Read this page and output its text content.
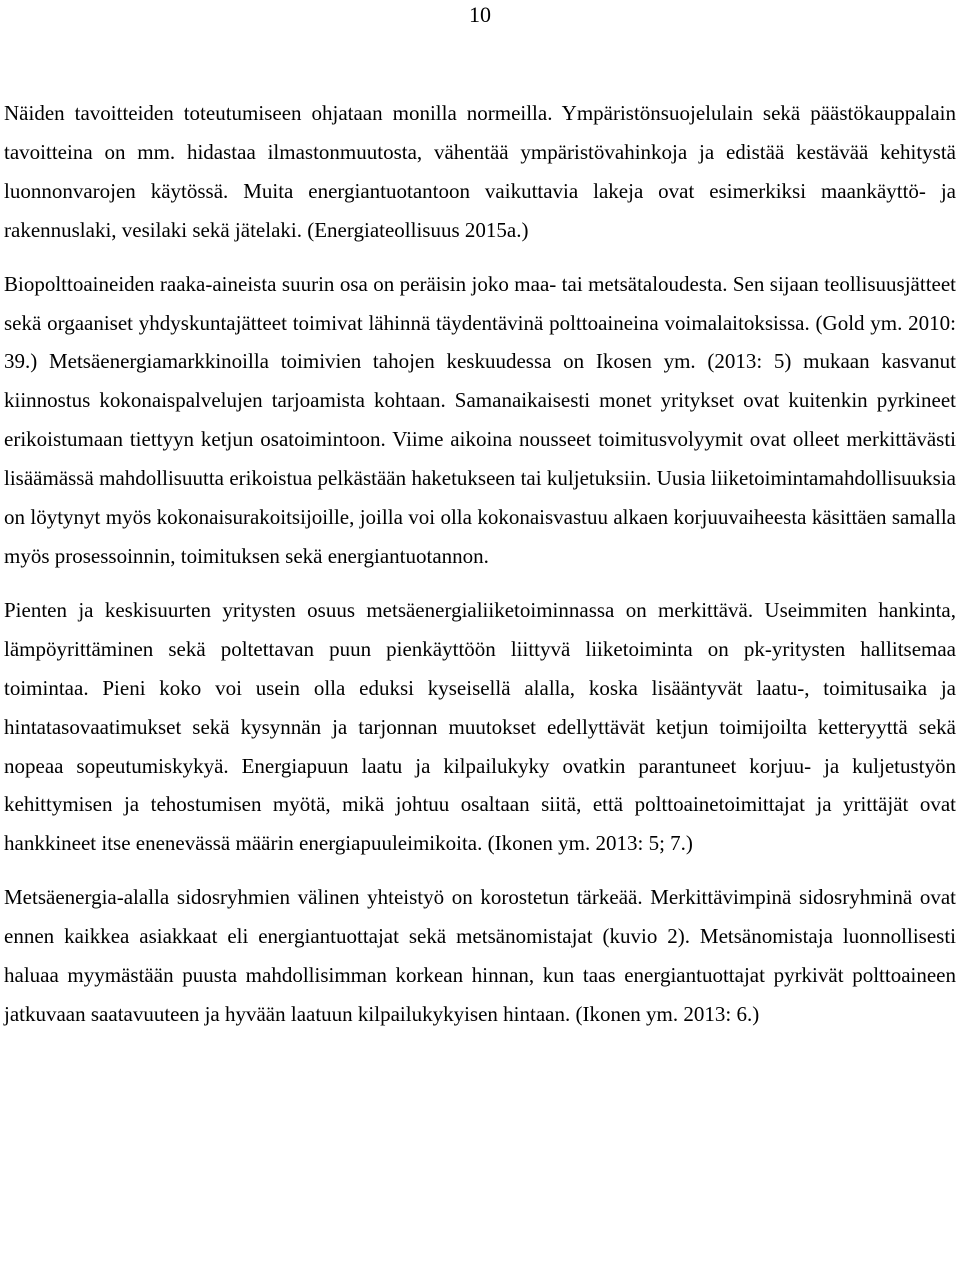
10

Näiden tavoitteiden toteutumiseen ohjataan monilla normeilla. Ympäristönsuojelulain sekä päästökauppalain tavoitteina on mm. hidastaa ilmastonmuutosta, vähentää ympäristövahinkoja ja edistää kestävää kehitystä luonnonvarojen käytössä. Muita energiantuotantoon vaikuttavia lakeja ovat esimerkiksi maankäyttö- ja rakennuslaki, vesilaki sekä jätelaki. (Energiateollisuus 2015a.)

Biopolttoaineiden raaka-aineista suurin osa on peräisin joko maa- tai metsätaloudesta. Sen sijaan teollisuusjätteet sekä orgaaniset yhdyskuntajätteet toimivat lähinnä täydentävinä polttoaineina voimalaitoksissa. (Gold ym. 2010: 39.) Metsäenergiamarkkinoilla toimivien tahojen keskuudessa on Ikosen ym. (2013: 5) mukaan kasvanut kiinnostus kokonaispalvelujen tarjoamista kohtaan. Samanaikaisesti monet yritykset ovat kuitenkin pyrkineet erikoistumaan tiettyyn ketjun osatoimintoon. Viime aikoina nousseet toimitusvolyymit ovat olleet merkittävästi lisäämässä mahdollisuutta erikoistua pelkästään haketukseen tai kuljetuksiin. Uusia liiketoimintamahdollisuuksia on löytynyt myös kokonaisurakoitsijoille, joilla voi olla kokonaisvastuu alkaen korjuuvaiheesta käsittäen samalla myös prosessoinnin, toimituksen sekä energiantuotannon.

Pienten ja keskisuurten yritysten osuus metsäenergialiiketoiminnassa on merkittävä. Useimmiten hankinta, lämpöyrittäminen sekä poltettavan puun pienkäyttöön liittyvä liiketoiminta on pk-yritysten hallitsemaa toimintaa. Pieni koko voi usein olla eduksi kyseisellä alalla, koska lisääntyvät laatu-, toimitusaika ja hintatasovaatimukset sekä kysynnän ja tarjonnan muutokset edellyttävät ketjun toimijoilta ketteryyttä sekä nopeaa sopeutumiskykyä. Energiapuun laatu ja kilpailukyky ovatkin parantuneet korjuu- ja kuljetustyön kehittymisen ja tehostumisen myötä, mikä johtuu osaltaan siitä, että polttoainetoimittajat ja yrittäjät ovat hankkineet itse enenevässä määrin energiapuuleimikoita. (Ikonen ym. 2013: 5; 7.)

Metsäenergia-alalla sidosryhmien välinen yhteistyö on korostetun tärkeää. Merkittävimpinä sidosryhminä ovat ennen kaikkea asiakkaat eli energiantuottajat sekä metsänomistajat (kuvio 2). Metsänomistaja luonnollisesti haluaa myymästään puusta mahdollisimman korkean hinnan, kun taas energiantuottajat pyrkivät polttoaineen jatkuvaan saatavuuteen ja hyvään laatuun kilpailukykyisen hintaan. (Ikonen ym. 2013: 6.)
